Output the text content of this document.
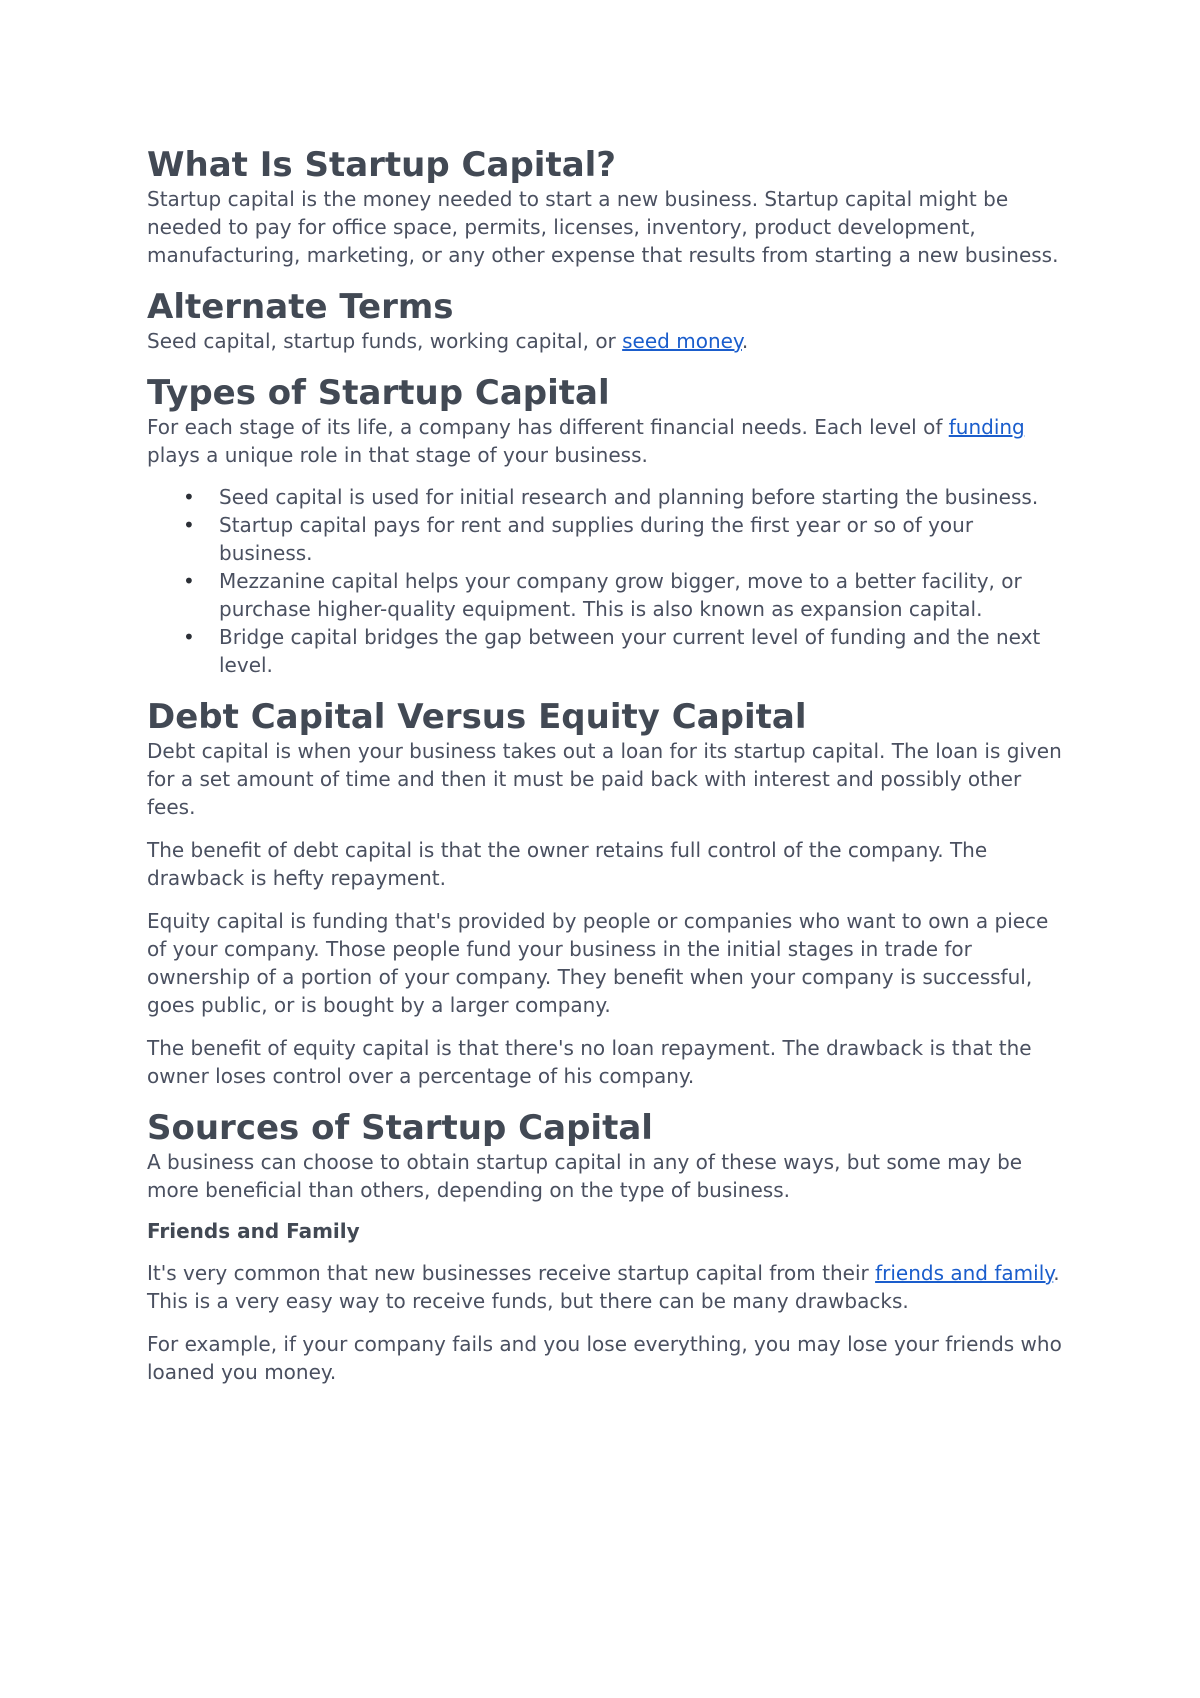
What Is Startup Capital?

Startup capital is the money needed to start a new business. Startup capital might be needed to pay for office space, permits, licenses, inventory, product development, manufacturing, marketing, or any other expense that results from starting a new business.

Alternate Terms

Seed capital, startup funds, working capital, or seed money.

Types of Startup Capital

For each stage of its life, a company has different financial needs. Each level of funding plays a unique role in that stage of your business.

• Seed capital is used for initial research and planning before starting the business.
• Startup capital pays for rent and supplies during the first year or so of your business.
• Mezzanine capital helps your company grow bigger, move to a better facility, or purchase higher-quality equipment. This is also known as expansion capital.
• Bridge capital bridges the gap between your current level of funding and the next level.
Debt Capital Versus Equity Capital

Debt capital is when your business takes out a loan for its startup capital. The loan is given for a set amount of time and then it must be paid back with interest and possibly other fees.

The benefit of debt capital is that the owner retains full control of the company. The drawback is hefty repayment.

Equity capital is funding that's provided by people or companies who want to own a piece of your company. Those people fund your business in the initial stages in trade for ownership of a portion of your company. They benefit when your company is successful, goes public, or is bought by a larger company.

The benefit of equity capital is that there's no loan repayment. The drawback is that the owner loses control over a percentage of his company.

Sources of Startup Capital

A business can choose to obtain startup capital in any of these ways, but some may be more beneficial than others, depending on the type of business.

Friends and Family

It's very common that new businesses receive startup capital from their friends and family. This is a very easy way to receive funds, but there can be many drawbacks.

For example, if your company fails and you lose everything, you may lose your friends who loaned you money.
